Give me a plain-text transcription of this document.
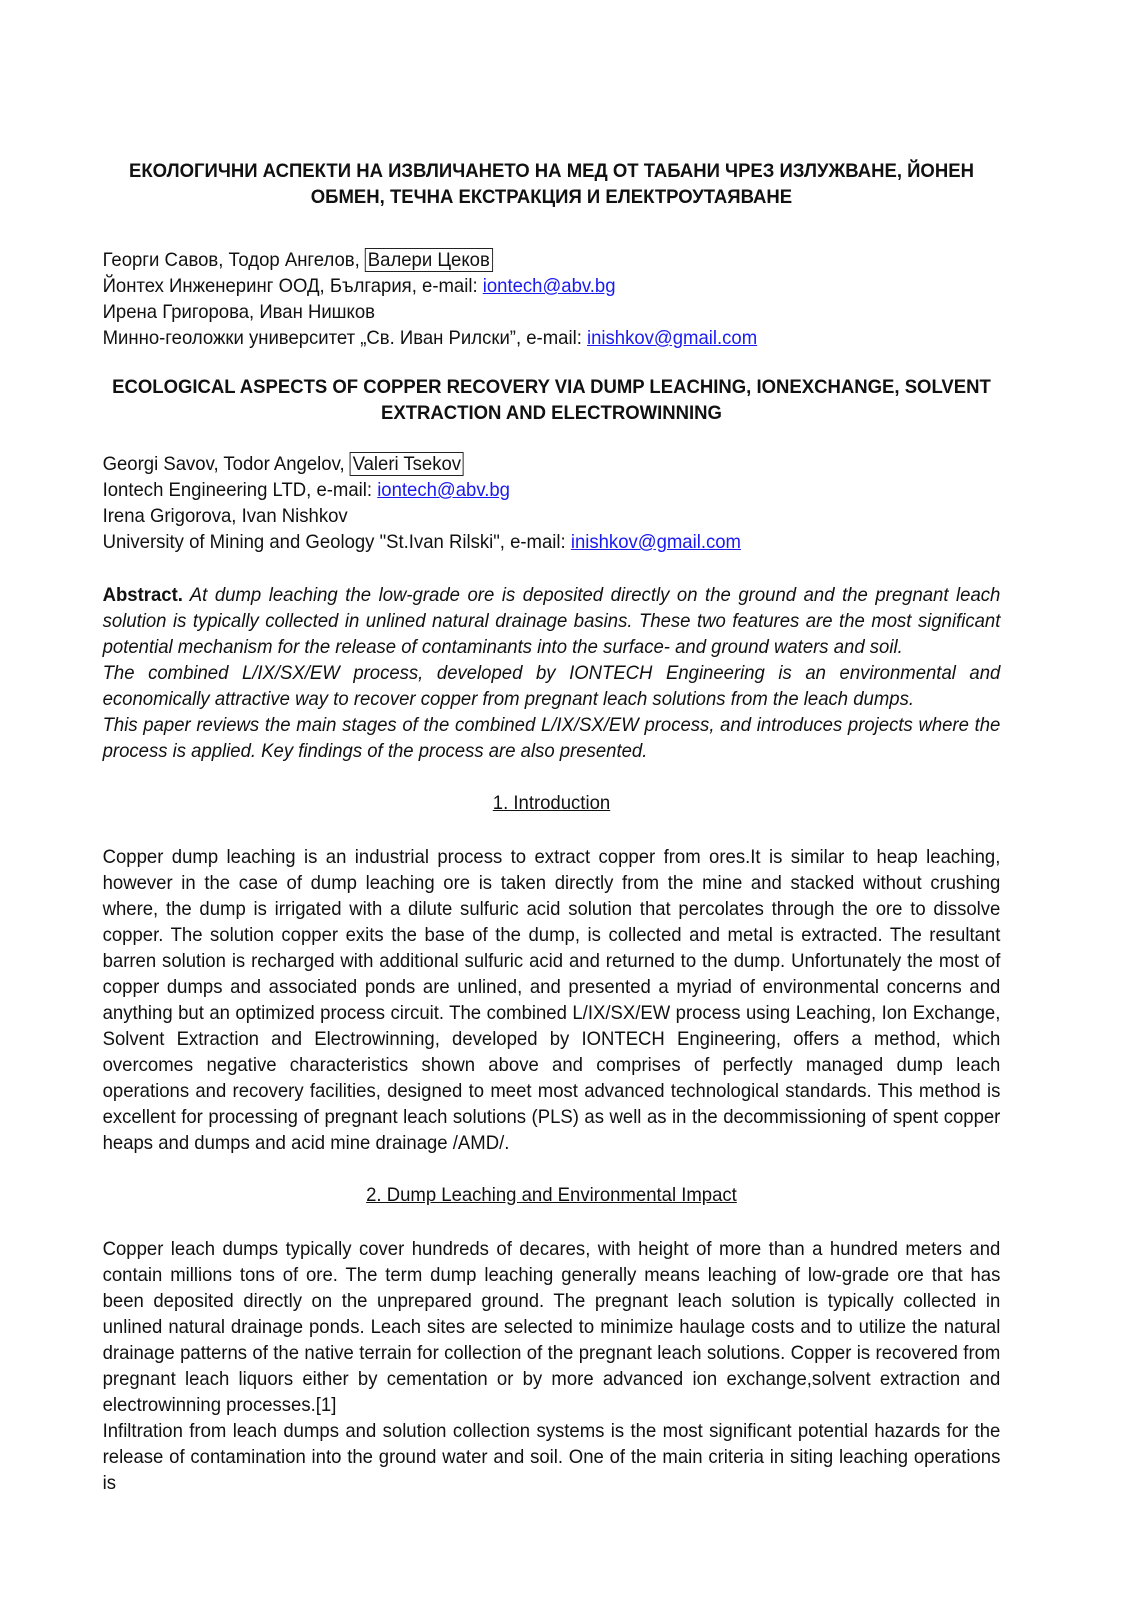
ЕКОЛОГИЧНИ АСПЕКТИ НА ИЗВЛИЧАНЕТО НА МЕД ОТ ТАБАНИ ЧРЕЗ ИЗЛУЖВАНЕ, ЙОНЕН ОБМЕН, ТЕЧНА ЕКСТРАКЦИЯ И ЕЛЕКТРОУТАЯВАНЕ

Георги Савов, Тодор Ангелов, Валери Цеков
Йонтех Инженеринг ООД, България, e-mail: iontech@abv.bg
Ирена Григорова, Иван Нишков
Минно-геоложки университет „Св. Иван Рилски”, e-mail: inishkov@gmail.com

ECOLOGICAL ASPECTS OF COPPER RECOVERY VIA DUMP LEACHING, IONEXCHANGE, SOLVENT EXTRACTION AND ELECTROWINNING

Georgi Savov, Todor Angelov, Valeri Tsekov
Iontech Engineering LTD, e-mail: iontech@abv.bg
Irena Grigorova, Ivan Nishkov
University of Mining and Geology "St.Ivan Rilski", e-mail: inishkov@gmail.com

Abstract. At dump leaching the low-grade ore is deposited directly on the ground and the pregnant leach solution is typically collected in unlined natural drainage basins. These two features are the most significant potential mechanism for the release of contaminants into the surface- and ground waters and soil.

The combined L/IX/SX/EW process, developed by IONTECH Engineering is an environmental and economically attractive way to recover copper from pregnant leach solutions from the leach dumps.

This paper reviews the main stages of the combined L/IX/SX/EW process, and introduces projects where the process is applied. Key findings of the process are also presented.

1. Introduction

Copper dump leaching is an industrial process to extract copper from ores.It is similar to heap leaching, however in the case of dump leaching ore is taken directly from the mine and stacked without crushing where, the dump is irrigated with a dilute sulfuric acid solution that percolates through the ore to dissolve copper. The solution copper exits the base of the dump, is collected and metal is extracted. The resultant barren solution is recharged with additional sulfuric acid and returned to the dump. Unfortunately the most of copper dumps and associated ponds are unlined, and presented a myriad of environmental concerns and anything but an optimized process circuit. The combined L/IX/SX/EW process using Leaching, Ion Exchange, Solvent Extraction and Electrowinning, developed by IONTECH Engineering, offers a method, which overcomes negative characteristics shown above and comprises of perfectly managed dump leach operations and recovery facilities, designed to meet most advanced technological standards. This method is excellent for processing of pregnant leach solutions (PLS) as well as in the decommissioning of spent copper heaps and dumps and acid mine drainage /AMD/.

2. Dump Leaching and Environmental Impact

Copper leach dumps typically cover hundreds of decares, with height of more than a hundred meters and contain millions tons of ore. The term dump leaching generally means leaching of low-grade ore that has been deposited directly on the unprepared ground. The pregnant leach solution is typically collected in unlined natural drainage ponds. Leach sites are selected to minimize haulage costs and to utilize the natural drainage patterns of the native terrain for collection of the pregnant leach solutions. Copper is recovered from pregnant leach liquors either by cementation or by more advanced ion exchange,solvent extraction and electrowinning processes.[1]

Infiltration from leach dumps and solution collection systems is the most significant potential hazards for the release of contamination into the ground water and soil. One of the main criteria in siting leaching operations is
